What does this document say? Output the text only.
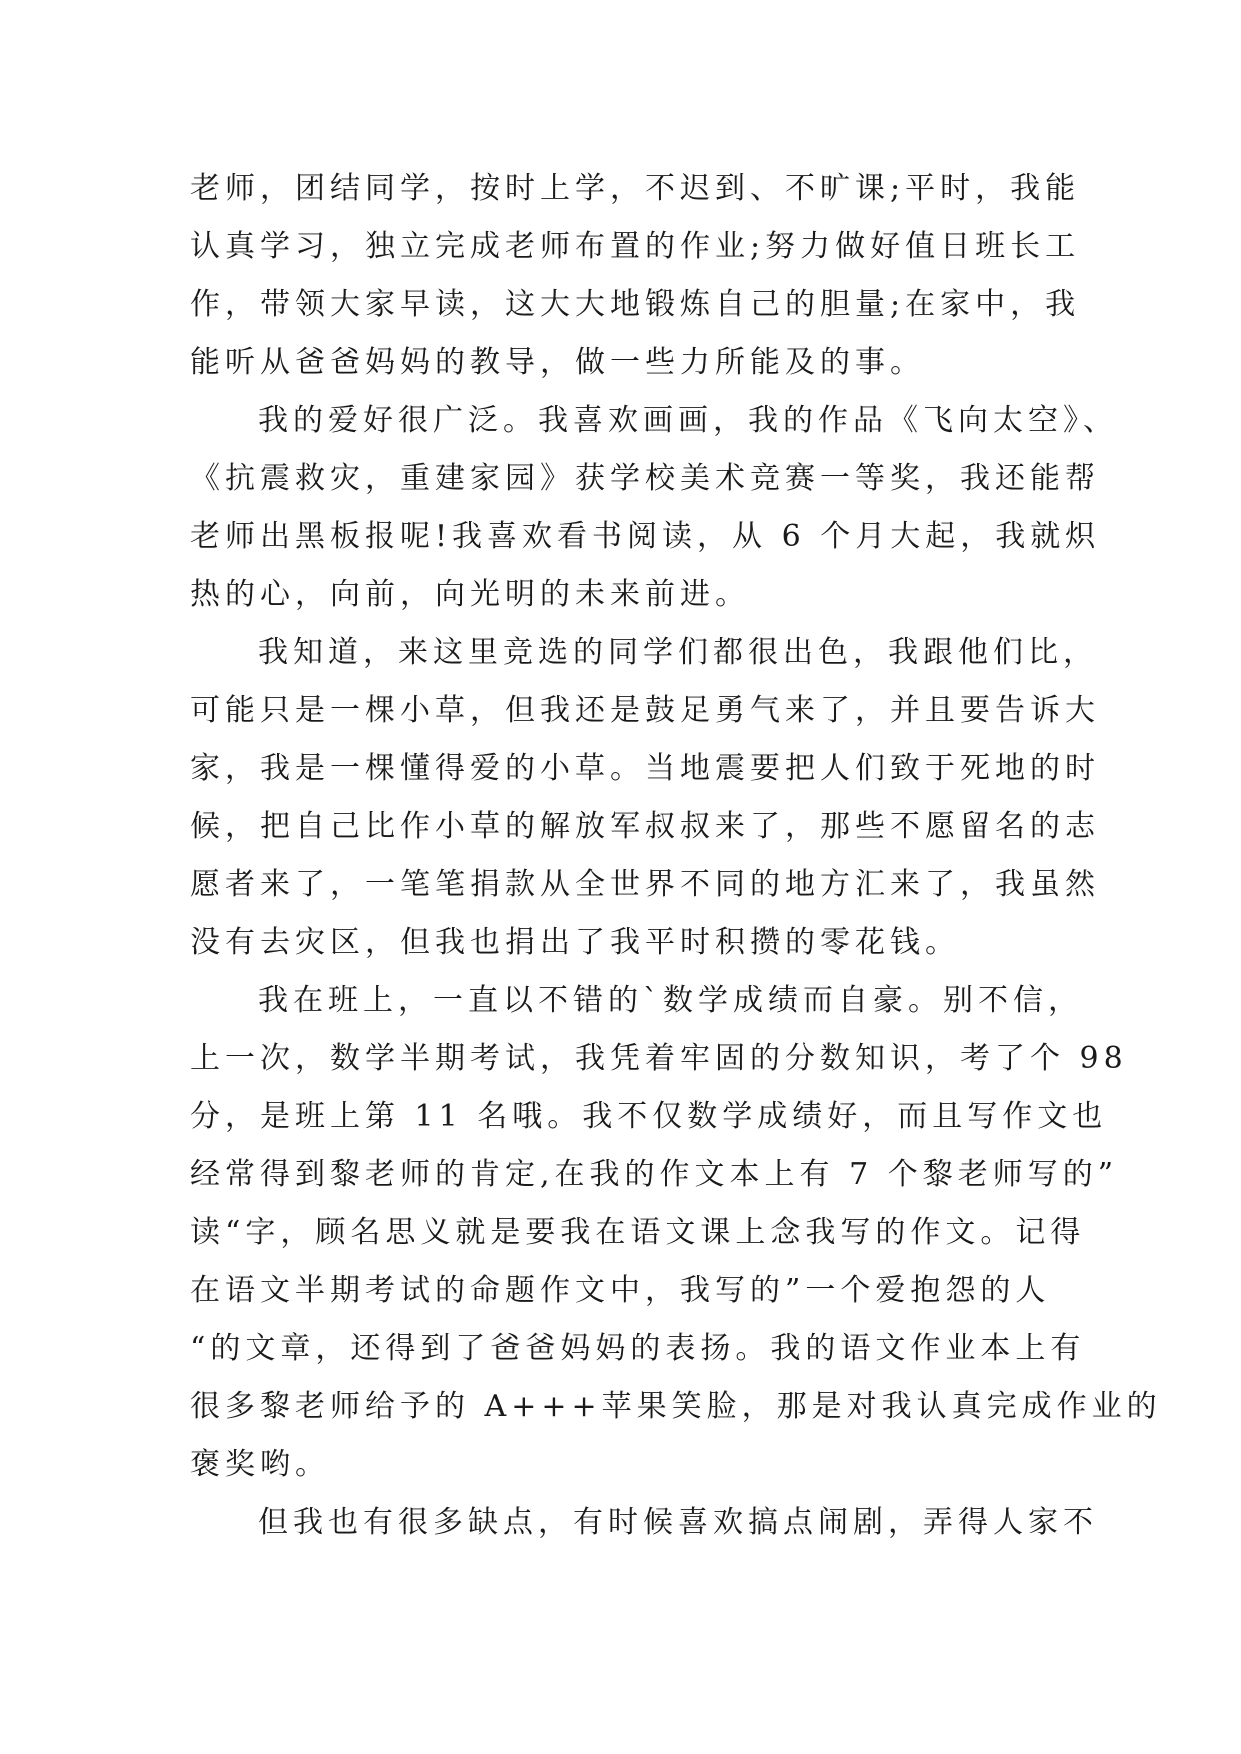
老师，团结同学，按时上学，不迟到、不旷课;平时，我能
认真学习，独立完成老师布置的作业;努力做好值日班长工
作，带领大家早读，这大大地锻炼自己的胆量;在家中，我
能听从爸爸妈妈的教导，做一些力所能及的事。
我的爱好很广泛。我喜欢画画，我的作品《飞向太空》、
《抗震救灾，重建家园》获学校美术竞赛一等奖，我还能帮
老师出黑板报呢!我喜欢看书阅读，从 6 个月大起，我就炽
热的心，向前，向光明的未来前进。
我知道，来这里竞选的同学们都很出色，我跟他们比，
可能只是一棵小草，但我还是鼓足勇气来了，并且要告诉大
家，我是一棵懂得爱的小草。当地震要把人们致于死地的时
候，把自己比作小草的解放军叔叔来了，那些不愿留名的志
愿者来了，一笔笔捐款从全世界不同的地方汇来了，我虽然
没有去灾区，但我也捐出了我平时积攒的零花钱。
我在班上，一直以不错的`数学成绩而自豪。别不信，
上一次，数学半期考试，我凭着牢固的分数知识，考了个 98
分，是班上第 11 名哦。我不仅数学成绩好，而且写作文也
经常得到黎老师的肯定,在我的作文本上有 7 个黎老师写的”
读“字，顾名思义就是要我在语文课上念我写的作文。记得
在语文半期考试的命题作文中，我写的”一个爱抱怨的人
“的文章，还得到了爸爸妈妈的表扬。我的语文作业本上有
很多黎老师给予的 A+++苹果笑脸，那是对我认真完成作业的
褒奖哟。
但我也有很多缺点，有时候喜欢搞点闹剧，弄得人家不
